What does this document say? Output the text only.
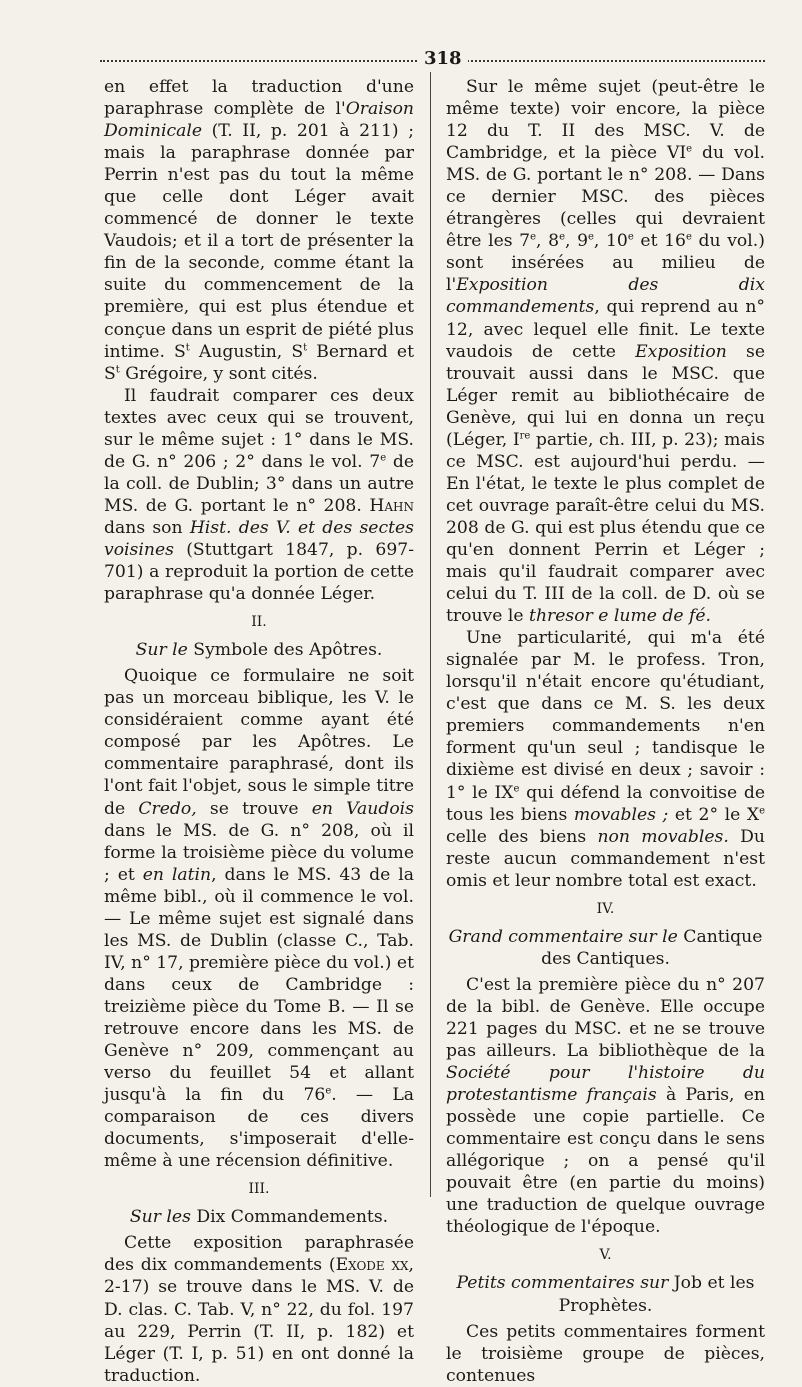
318

en effet la traduction d'une paraphrase complète de l'Oraison Dominicale (T. II, p. 201 à 211) ; mais la paraphrase donnée par Perrin n'est pas du tout la même que celle dont Léger avait commencé de donner le texte Vaudois; et il a tort de présenter la fin de la seconde, comme étant la suite du commencement de la première, qui est plus étendue et conçue dans un esprit de piété plus intime. $S^t$ Augustin, $S^t$ Bernard et $S^t$ Grégoire, y sont cités.

Il faudrait comparer ces deux textes avec ceux qui se trouvent, sur le même sujet : 1° dans le MS. de G. n° 206 ; 2° dans le vol. 7e de la coll. de Dublin; 3° dans un autre MS. de G. portant le n° 208. Hahn dans son Hist. des V. et des sectes voisines (Stuttgart 1847, p. 697-701) a reproduit la portion de cette paraphrase qu'a donnée Léger.

II.
Sur le Symbole des Apôtres.

Quoique ce formulaire ne soit pas un morceau biblique, les V. le considéraient comme ayant été composé par les Apôtres. Le commentaire paraphrasé, dont ils l'ont fait l'objet, sous le simple titre de Credo, se trouve en Vaudois dans le MS. de G. n° 208, où il forme la troisième pièce du volume ; et en latin, dans le MS. 43 de la même bibl., où il commence le vol. — Le même sujet est signalé dans les MS. de Dublin (classe C., Tab. IV, n° 17, première pièce du vol.) et dans ceux de Cambridge : treizième pièce du Tome B. — Il se retrouve encore dans les MS. de Genève n° 209, commençant au verso du feuillet 54 et allant jusqu'à la fin du 76e. — La comparaison de ces divers documents, s'imposerait d'elle-même à une récension définitive.

III.
Sur les Dix Commandements.

Cette exposition paraphrasée des dix commandements (Exode xx, 2-17) se trouve dans le MS. V. de D. clas. C. Tab. V, n° 22, du fol. 197 au 229, Perrin (T. II, p. 182) et Léger (T. I, p. 51) en ont donné la traduction.

Sur le même sujet (peut-être le même texte) voir encore, la pièce 12 du T. II des MSC. V. de Cambridge, et la pièce VIe du vol. MS. de G. portant le n° 208. — Dans ce dernier MSC. des pièces étrangères (celles qui devraient être les 7e, 8e, 9e, 10e et 16e du vol.) sont insérées au milieu de l'Exposition des dix commandements, qui reprend au n° 12, avec lequel elle finit. Le texte vaudois de cette Exposition se trouvait aussi dans le MSC. que Léger remit au bibliothécaire de Genève, qui lui en donna un reçu (Léger, Ire partie, ch. III, p. 23); mais ce MSC. est aujourd'hui perdu. — En l'état, le texte le plus complet de cet ouvrage paraît-être celui du MS. 208 de G. qui est plus étendu que ce qu'en donnent Perrin et Léger ; mais qu'il faudrait comparer avec celui du T. III de la coll. de D. où se trouve le thresor e lume de fé.

Une particularité, qui m'a été signalée par M. le profess. Tron, lorsqu'il n'était encore qu'étudiant, c'est que dans ce M. S. les deux premiers commandements n'en forment qu'un seul ; tandisque le dixième est divisé en deux ; savoir : 1° le IXe qui défend la convoitise de tous les biens movables ; et 2° le Xe celle des biens non movables. Du reste aucun commandement n'est omis et leur nombre total est exact.

IV.
Grand commentaire sur le Cantique des Cantiques.

C'est la première pièce du n° 207 de la bibl. de Genève. Elle occupe 221 pages du MSC. et ne se trouve pas ailleurs. La bibliothèque de la Société pour l'histoire du protestantisme français à Paris, en possède une copie partielle. Ce commentaire est conçu dans le sens allégorique ; on a pensé qu'il pouvait être (en partie du moins) une traduction de quelque ouvrage théologique de l'époque.

V.
Petits commentaires sur Job et les Prophètes.

Ces petits commentaires forment le troisième groupe de pièces, contenues
